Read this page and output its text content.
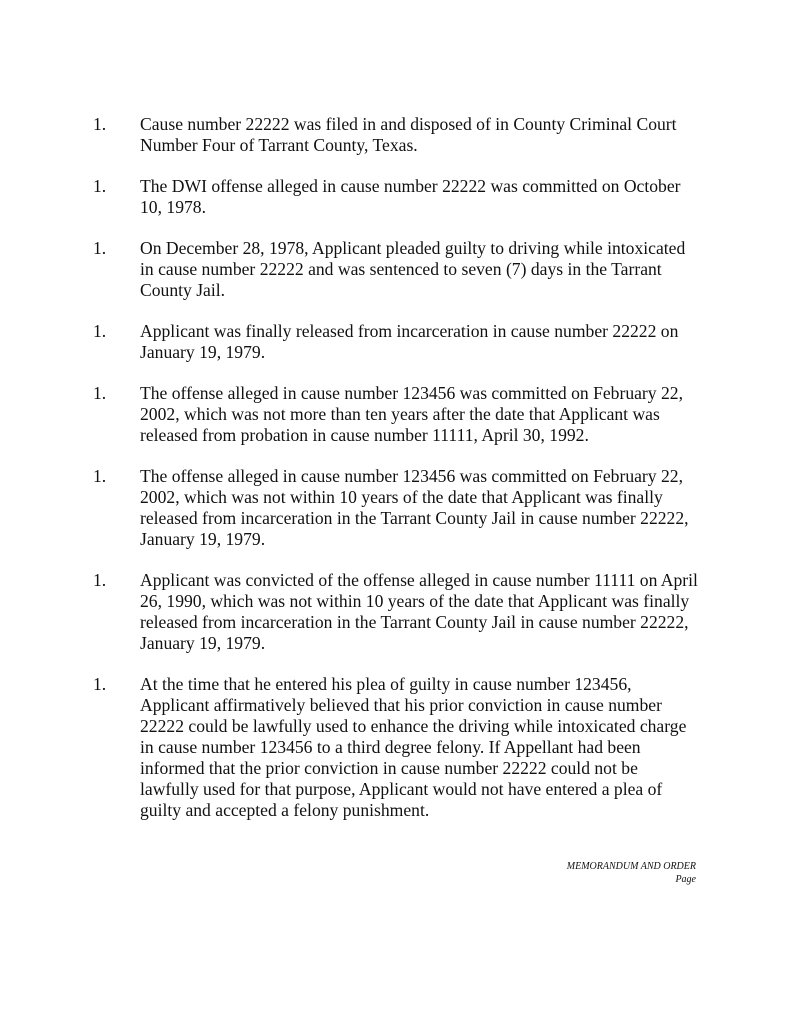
1. Cause number 22222 was filed in and disposed of in County Criminal Court Number Four of Tarrant County, Texas.
1. The DWI offense alleged in cause number 22222 was committed on October 10, 1978.
1. On December 28, 1978, Applicant pleaded guilty to driving while intoxicated in cause number 22222 and was sentenced to seven (7) days in the Tarrant County Jail.
1. Applicant was finally released from incarceration in cause number 22222 on January 19, 1979.
1. The offense alleged in cause number 123456 was committed on February 22, 2002, which was not more than ten years after the date that Applicant was released from probation in cause number 11111, April 30, 1992.
1. The offense alleged in cause number 123456 was committed on February 22, 2002, which was not within 10 years of the date that Applicant was finally released from incarceration in the Tarrant County Jail in cause number 22222, January 19, 1979.
1. Applicant was convicted of the offense alleged in cause number 11111 on April 26, 1990, which was not within 10 years of the date that Applicant was finally released from incarceration in the Tarrant County Jail in cause number 22222, January 19, 1979.
1. At the time that he entered his plea of guilty in cause number 123456, Applicant affirmatively believed that his prior conviction in cause number 22222 could be lawfully used to enhance the driving while intoxicated charge in cause number 123456 to a third degree felony. If Appellant had been informed that the prior conviction in cause number 22222 could not be lawfully used for that purpose, Applicant would not have entered a plea of guilty and accepted a felony punishment.
MEMORANDUM AND ORDER
Page
